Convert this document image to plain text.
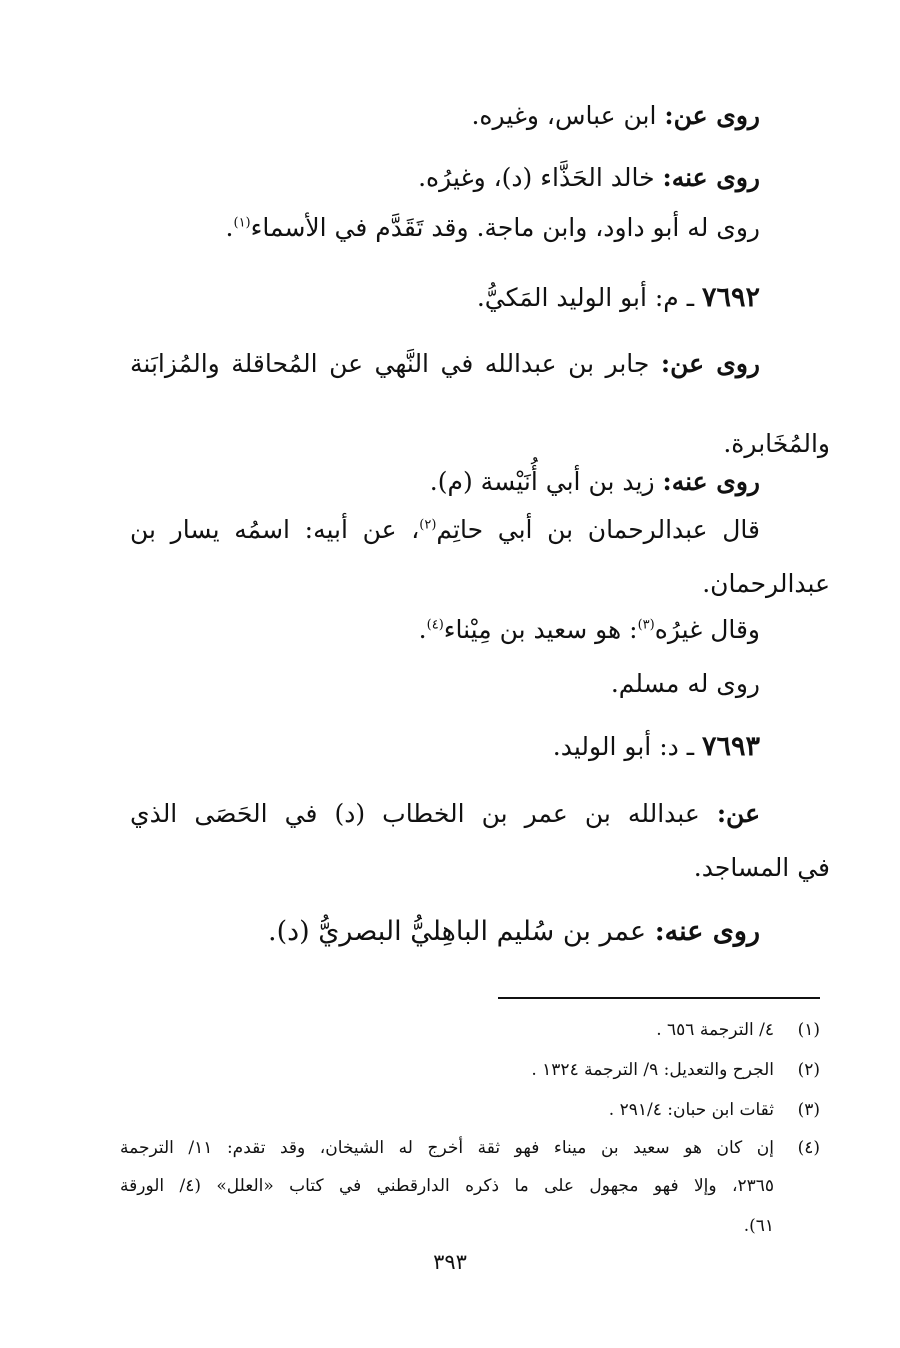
روى عن: ابن عباس، وغيره.
روى عنه: خالد الحَذَّاء (د)، وغيرُه.
روى له أبو داود، وابن ماجة. وقد تَقَدَّم في الأسماء$^{(١)}$.
٧٦٩٢ ـ م: أبو الوليد المَكيُّ.
روى عن: جابر بن عبدالله في النَّهي عن المُحاقلة والمُزابَنة
والمُخَابرة.
روى عنه: زيد بن أبي أُنَيْسة (م).
قال عبدالرحمان بن أبي حاتِم$^{(٢)}$، عن أبيه: اسمُه يسار بن
عبدالرحمان.
وقال غيرُه$^{(٣)}$: هو سعيد بن مِيْناء$^{(٤)}$.
روى له مسلم.
٧٦٩٣ ـ د: أبو الوليد.
عن: عبدالله بن عمر بن الخطاب (د) في الحَصَى الذي
في المساجد.
روى عنه: عمر بن سُليم الباهِليُّ البصريُّ (د).
(١)٤/ الترجمة ٦٥٦ .
(٢)الجرح والتعديل: ٩/ الترجمة ١٣٢٤ .
(٣)ثقات ابن حبان: ٢٩١/٤ .
(٤)إن كان هو سعيد بن ميناء فهو ثقة أخرج له الشيخان، وقد تقدم: ١١/ الترجمة
٢٣٦٥، وإلا فهو مجهول على ما ذكره الدارقطني في كتاب «العلل» (٤/ الورقة
٦١).
٣٩٣
